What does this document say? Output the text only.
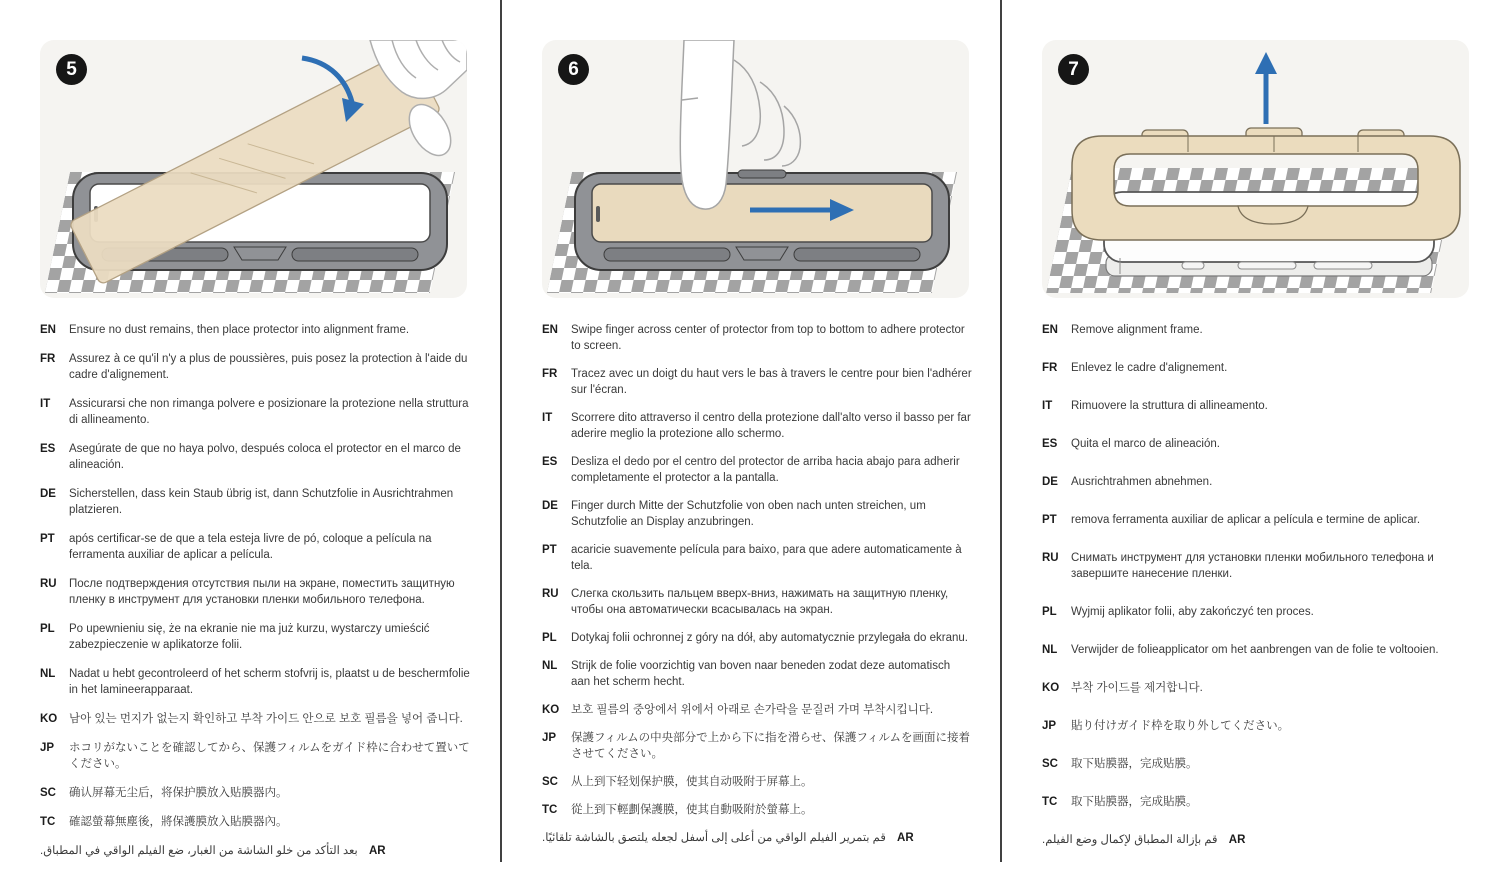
5
EN	Ensure no dust remains, then place protector into alignment frame.
FR	Assurez à ce qu'il n'y a plus de poussières, puis posez la protection à l'aide du cadre d'alignement.
IT	Assicurarsi che non rimanga polvere e posizionare la protezione nella struttura di allineamento.
ES	Asegúrate de que no haya polvo, después coloca el protector en el marco de alineación.
DE	Sicherstellen, dass kein Staub übrig ist, dann Schutzfolie in Ausrichtrahmen platzieren.
PT	após certificar-se de que a tela esteja livre de pó, coloque a película na ferramenta auxiliar de aplicar a película.
RU После подтверждения отсутствия пыли на экране, поместить защитную пленку в инструмент для установки пленки мобильного телефона.
PL	Po upewnieniu się, że na ekranie nie ma już kurzu, wystarczy umieścić zabezpieczenie w aplikatorze folii.
NL	Nadat u hebt gecontroleerd of het scherm stofvrij is, plaatst u de beschermfolie in het lamineerapparaat.
KO 남아 있는 먼지가 없는지 확인하고 부착 가이드 안으로 보호 필름을 넣어 줍니다.
JP	ホコリがないことを確認してから、保護フィルムをガイド枠に合わせて置いてください。
SC	确认屏幕无尘后，将保护膜放入贴膜器内。
TC	確認螢幕無塵後，將保護膜放入貼膜器內。
AR بعد التأكد من خلو الشاشة من الغبار، ضع الفيلم الواقي في المطباق.
6
EN	Swipe finger across center of protector from top to bottom to adhere protector to screen.
FR	Tracez avec un doigt du haut vers le bas à travers le centre pour bien l'adhérer sur l'écran.
IT	Scorrere dito attraverso il centro della protezione dall'alto verso il basso per far aderire meglio la protezione allo schermo.
ES	Desliza el dedo por el centro del protector de arriba hacia abajo para adherir completamente el protector a la pantalla.
DE	Finger durch Mitte der Schutzfolie von oben nach unten streichen, um Schutzfolie an Display anzubringen.
PT	acaricie suavemente película para baixo, para que adere automaticamente à tela.
RU Слегка скользить пальцем вверх-вниз, нажимать на защитную пленку, чтобы она автоматически всасывалась на экран.
PL	Dotykaj folii ochronnej z góry na dół, aby automatycznie przylegała do ekranu.
NL	Strijk de folie voorzichtig van boven naar beneden zodat deze automatisch aan het scherm hecht.
KO 보호 필름의 중앙에서 위에서 아래로 손가락을 문질러 가며 부착시킵니다.
JP	保護フィルムの中央部分で上から下に指を滑らせ、保護フィルムを画面に接着させてください。
SC	从上到下轻划保护膜，使其自动吸附于屏幕上。
TC	從上到下輕劃保護膜，使其自動吸附於螢幕上。
AR قم بتمرير الفيلم الواقي من أعلى إلى أسفل لجعله يلتصق بالشاشة تلقائيًا.
7
EN	Remove alignment frame.
FR	Enlevez le cadre d'alignement.
IT	Rimuovere la struttura di allineamento.
ES	Quita el marco de alineación.
DE	Ausrichtrahmen abnehmen.
PT	remova ferramenta auxiliar de aplicar a película e termine de aplicar.
RU Снимать инструмент для установки пленки мобильного телефона и завершите нанесение пленки.
PL	Wyjmij aplikator folii, aby zakończyć ten proces.
NL	Verwijder de folieapplicator om het aanbrengen van de folie te voltooien.
KO 부착 가이드를 제거합니다.
JP	貼り付けガイド枠を取り外してください。
SC	取下贴膜器，完成贴膜。
TC	取下貼膜器，完成貼膜。
AR قم بإزالة المطباق لإكمال وضع الفيلم.
